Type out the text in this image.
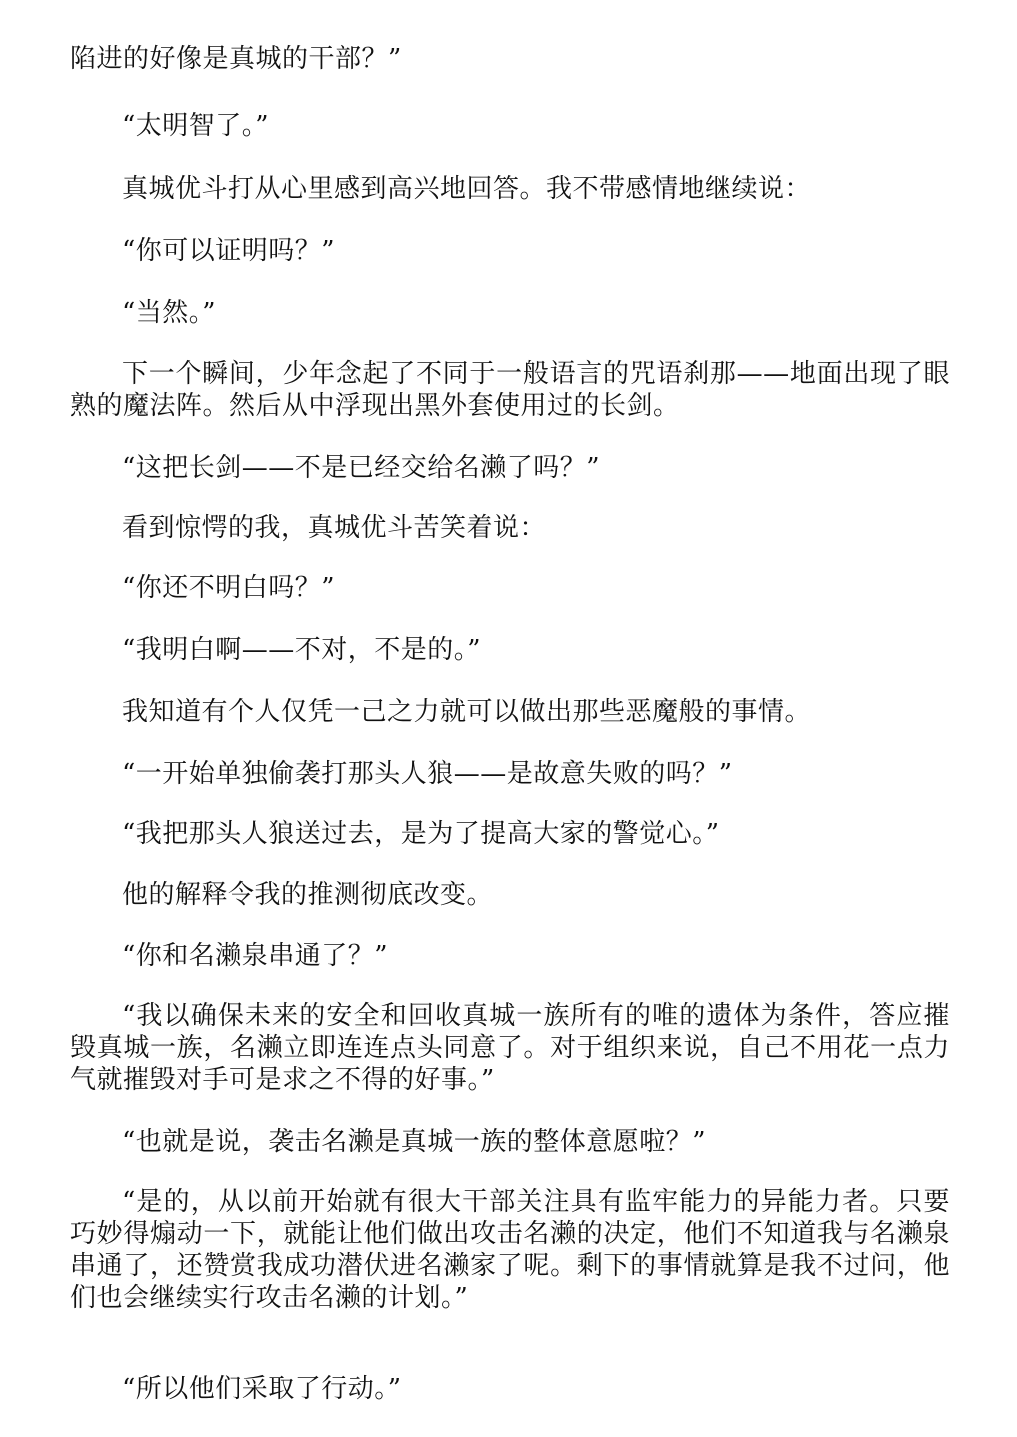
陷进的好像是真城的干部？”

“太明智了。”

真城优斗打从心里感到高兴地回答。我不带感情地继续说：

“你可以证明吗？”

“当然。”

下一个瞬间，少年念起了不同于一般语言的咒语刹那——地面出现了眼熟的魔法阵。然后从中浮现出黑外套使用过的长剑。

“这把长剑——不是已经交给名濑了吗？”

看到惊愕的我，真城优斗苦笑着说：

“你还不明白吗？”

“我明白啊——不对，不是的。”

我知道有个人仅凭一己之力就可以做出那些恶魔般的事情。

“一开始单独偷袭打那头人狼——是故意失败的吗？”

“我把那头人狼送过去，是为了提高大家的警觉心。”

他的解释令我的推测彻底改变。

“你和名濑泉串通了？”

“我以确保未来的安全和回收真城一族所有的唯的遗体为条件，答应摧毁真城一族，名濑立即连连点头同意了。对于组织来说，自己不用花一点力气就摧毁对手可是求之不得的好事。”

“也就是说，袭击名濑是真城一族的整体意愿啦？”

“是的，从以前开始就有很大干部关注具有监牢能力的异能力者。只要巧妙得煽动一下，就能让他们做出攻击名濑的决定，他们不知道我与名濑泉串通了，还赞赏我成功潜伏进名濑家了呢。剩下的事情就算是我不过问，他们也会继续实行攻击名濑的计划。”

“所以他们采取了行动。”
